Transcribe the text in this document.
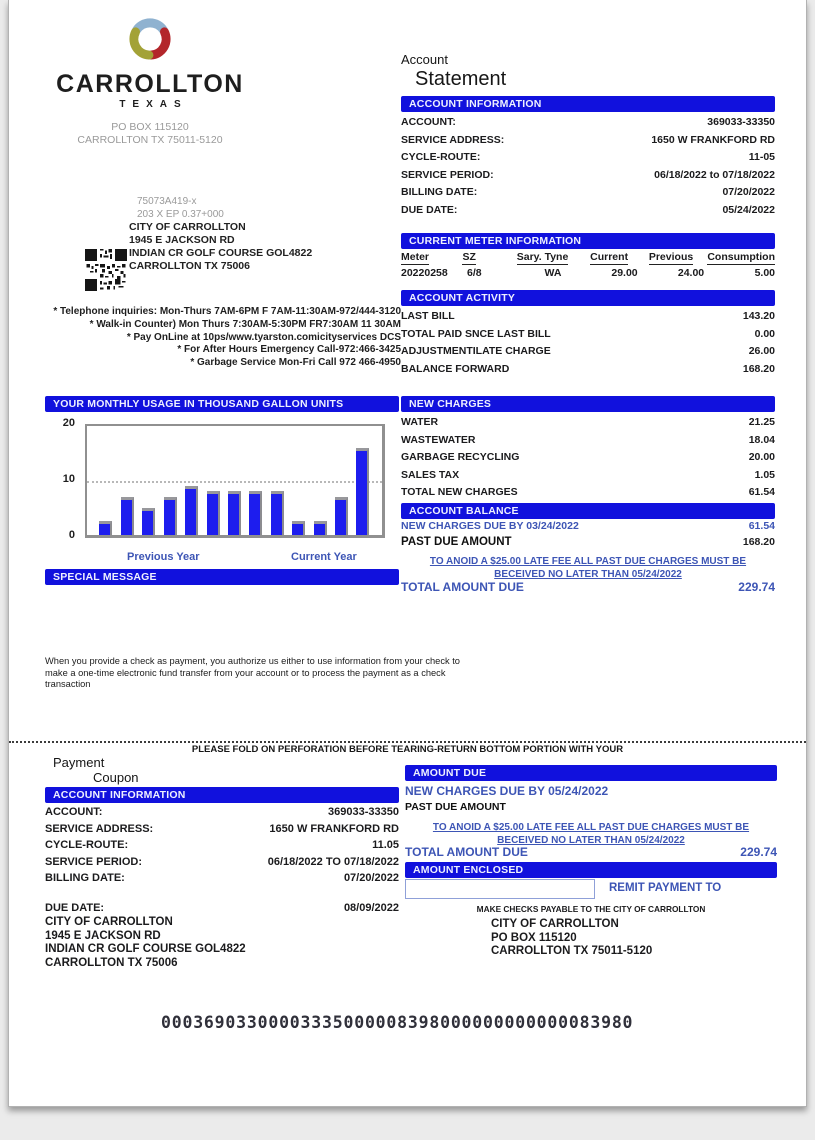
CARROLLTON
TEXAS
PO BOX 115120
CARROLLTON TX 75011-5120
75073A419-x
203 X EP 0.37+000
CITY OF CARROLLTON
1945 E JACKSON RD
INDIAN CR GOLF COURSE GOL4822
CARROLLTON TX 75006
* Telephone inquiries: Mon-Thurs 7AM-6PM F 7AM-11:30AM-972/444-3120
* Walk-in Counter) Mon Thurs 7:30AM-5:30PM FR7:30AM 11 30AM
* Pay OnLine at 10ps/www.tyarston.comicityservices DCS
* For After Hours Emergency Call-972:466-3425
* Garbage Service Mon-Fri Call 972 466-4950
Account
Statement
ACCOUNT INFORMATION
ACCOUNT:	369033-33350
SERVICE ADDRESS:	1650 W FRANKFORD RD
CYCLE-ROUTE:	11-05
SERVICE PERIOD:	06/18/2022 to 07/18/2022
BILLING DATE:	07/20/2022
DUE DATE:	05/24/2022
CURRENT METER INFORMATION
Meter	SZ	Sary. Tyne	Current	Previous	Consumption
20220258	6/8	WA	29.00	24.00	5.00
ACCOUNT ACTIVITY
LAST BILL	143.20
TOTAL PAID SNCE LAST BILL	0.00
ADJUSTMENTILATE CHARGE	26.00
BALANCE FORWARD	168.20
YOUR MONTHLY USAGE IN THOUSAND GALLON UNITS
20
10
0
Previous Year	Current Year
NEW CHARGES
WATER	21.25
WASTEWATER	18.04
GARBAGE RECYCLING	20.00
SALES TAX	1.05
TOTAL NEW CHARGES	61.54
ACCOUNT BALANCE
NEW CHARGES DUE BY 03/24/2022	61.54
PAST DUE AMOUNT	168.20
TO ANOID A $25.00 LATE FEE ALL PAST DUE CHARGES MUST BE
BECEIVED NO LATER THAN 05/24/2022
TOTAL AMOUNT DUE	229.74
SPECIAL MESSAGE
When you provide a check as payment, you authorize us either to use information from your check to make a one-time electronic fund transfer from your account or to process the payment as a check transaction
PLEASE FOLD ON PERFORATION BEFORE TEARING-RETURN BOTTOM PORTION WITH YOUR
Payment
Coupon
ACCOUNT INFORMATION
ACCOUNT:	369033-33350
SERVICE ADDRESS:	1650 W FRANKFORD RD
CYCLE-ROUTE:	11.05
SERVICE PERIOD:	06/18/2022 TO 07/18/2022
BILLING DATE:	07/20/2022
DUE DATE:	08/09/2022
CITY OF CARROLLTON
1945 E JACKSON RD
INDIAN CR GOLF COURSE GOL4822
CARROLLTON TX 75006
AMOUNT DUE
NEW CHARGES DUE BY 05/24/2022
PAST DUE AMOUNT
TO ANOID A $25.00 LATE FEE ALL PAST DUE CHARGES MUST BE
BECEIVED NO LATER THAN 05/24/2022
TOTAL AMOUNT DUE	229.74
AMOUNT ENCLOSED
REMIT PAYMENT TO
MAKE CHECKS PAYABLE TO THE CITY OF CARROLLTON
CITY OF CARROLLTON
PO BOX 115120
CARROLLTON TX 75011-5120
00036903300003335000008398000000000000083980
